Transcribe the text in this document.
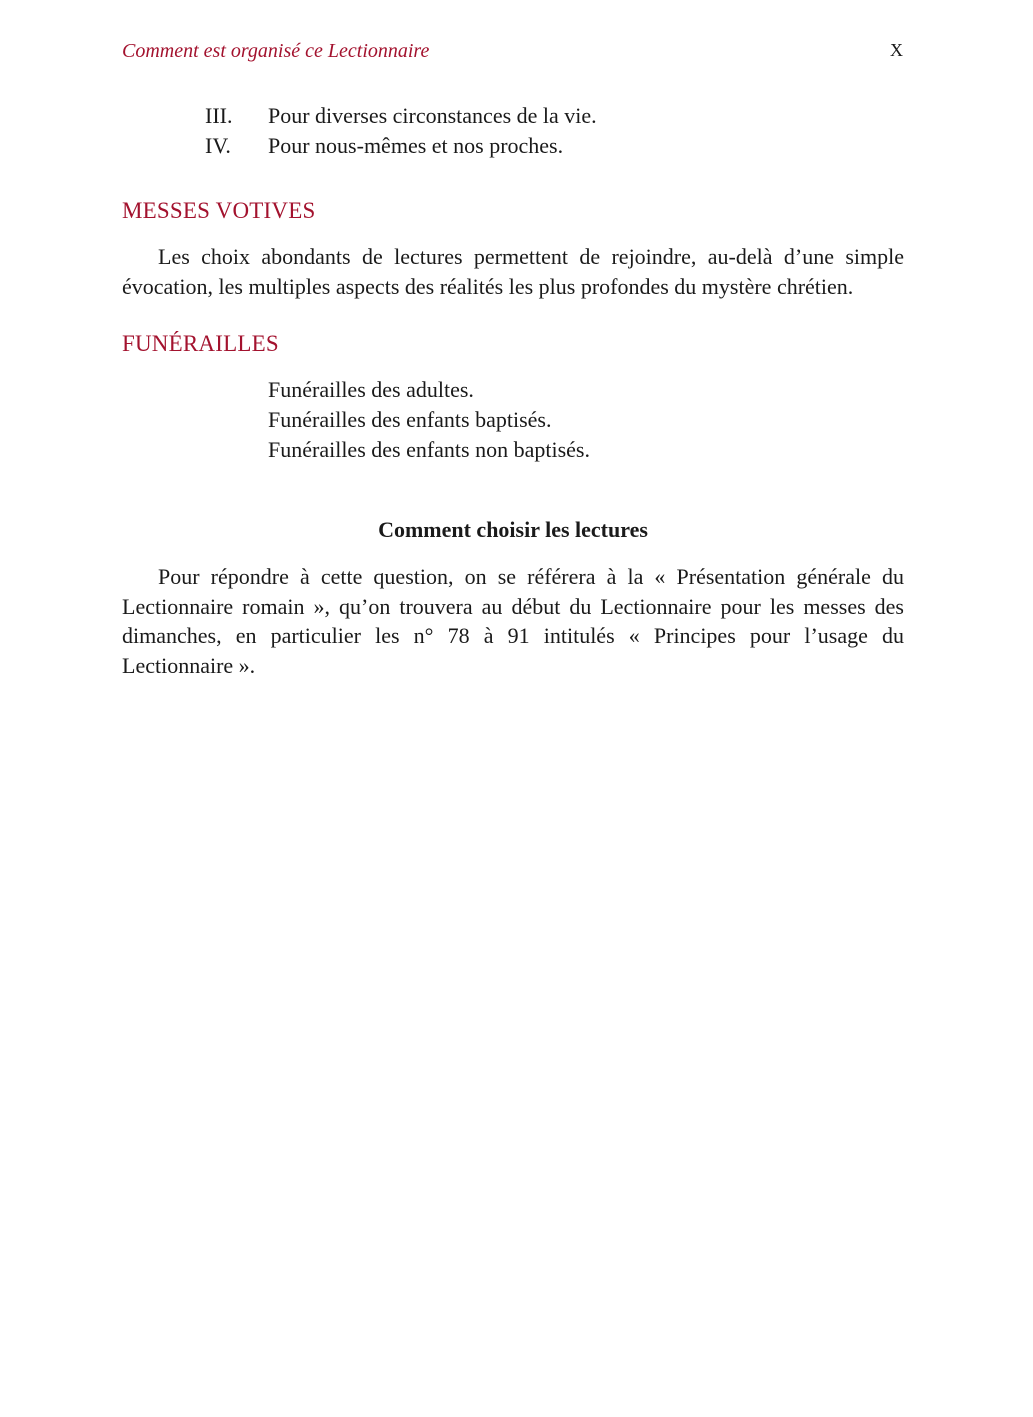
Comment est organisé ce Lectionnaire	X
III.	Pour diverses circonstances de la vie.
IV.	Pour nous-mêmes et nos proches.
MESSES VOTIVES
Les choix abondants de lectures permettent de rejoindre, au-delà d’une simple évocation, les multiples aspects des réalités les plus profondes du mystère chrétien.
FUNÉRAILLES
Funérailles des adultes.
Funérailles des enfants baptisés.
Funérailles des enfants non baptisés.
Comment choisir les lectures
Pour répondre à cette question, on se référera à la « Présentation générale du Lectionnaire romain », qu’on trouvera au début du Lectionnaire pour les messes des dimanches, en particulier les n° 78 à 91 intitulés « Principes pour l’usage du Lectionnaire ».
